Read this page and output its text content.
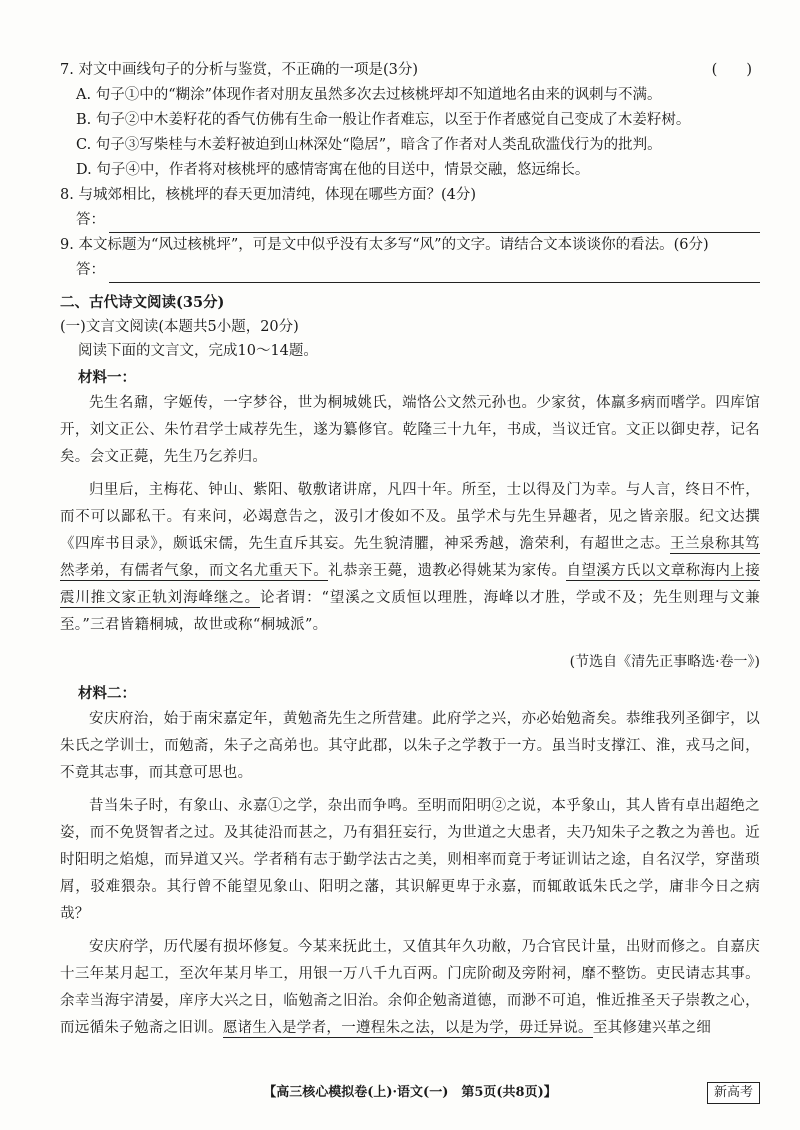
7. 对文中画线句子的分析与鉴赏，不正确的一项是(3分)	(　　)
A. 句子①中的“糊涂”体现作者对朋友虽然多次去过核桃坪却不知道地名由来的讽刺与不满。
B. 句子②中木姜籽花的香气仿佛有生命一般让作者难忘，以至于作者感觉自己变成了木姜籽树。
C. 句子③写柴桂与木姜籽被迫到山林深处“隐居”，暗含了作者对人类乱砍滥伐行为的批判。
D. 句子④中，作者将对核桃坪的感情寄寓在他的目送中，情景交融，悠远绵长。
8. 与城郊相比，核桃坪的春天更加清纯，体现在哪些方面？(4分)
答：
9. 本文标题为“风过核桃坪”，可是文中似乎没有太多写“风”的文字。请结合文本谈谈你的看法。(6分)
答：
二、古代诗文阅读(35分)
(一)文言文阅读(本题共5小题，20分)
阅读下面的文言文，完成10～14题。
材料一：

先生名鼐，字姬传，一字梦谷，世为桐城姚氏，端恪公文然元孙也。少家贫，体羸多病而嗜学。四库馆开，刘文正公、朱竹君学士咸荐先生，遂为纂修官。乾隆三十九年，书成，当议迁官。文正以御史荐，记名矣。会文正薨，先生乃乞养归。

归里后，主梅花、钟山、紫阳、敬敷诸讲席，凡四十年。所至，士以得及门为幸。与人言，终日不忤，而不可以鄙私干。有来问，必竭意告之，汲引才俊如不及。虽学术与先生异趣者，见之皆亲服。纪文达撰《四库书目录》，颇诋宋儒，先生直斥其妄。先生貌清臞，神采秀越，澹荣利，有超世之志。王兰泉称其笃然孝弟，有儒者气象，而文名尤重天下。礼恭亲王薨，遗教必得姚某为家传。自望溪方氏以文章称海内上接震川推文家正轨刘海峰继之。论者谓：“望溪之文质恒以理胜，海峰以才胜，学或不及；先生则理与文兼至。”三君皆籍桐城，故世或称“桐城派”。

(节选自《清先正事略选·卷一》)
材料二：

安庆府治，始于南宋嘉定年，黄勉斋先生之所营建。此府学之兴，亦必始勉斋矣。恭维我列圣御宇，以朱氏之学训士，而勉斋，朱子之高弟也。其守此郡，以朱子之学教于一方。虽当时支撑江、淮，戎马之间，不竟其志事，而其意可思也。

昔当朱子时，有象山、永嘉①之学，杂出而争鸣。至明而阳明②之说，本乎象山，其人皆有卓出超绝之姿，而不免贤智者之过。及其徒沿而甚之，乃有猖狂妄行，为世道之大患者，夫乃知朱子之教之为善也。近时阳明之焰熄，而异道又兴。学者稍有志于勤学法古之美，则相率而竟于考证训诂之途，自名汉学，穿凿琐屑，驳难猥杂。其行曾不能望见象山、阳明之藩，其识解更卑于永嘉，而辄敢诋朱氏之学，庸非今日之病哉？

安庆府学，历代屡有损坏修复。今某来抚此土，又值其年久功敝，乃合官民计量，出财而修之。自嘉庆十三年某月起工，至次年某月毕工，用银一万八千九百两。门庑阶砌及旁附祠，靡不整饬。吏民请志其事。余幸当海宇清晏，庠序大兴之日，临勉斋之旧治。余仰企勉斋道德，而渺不可追，惟近推圣天子崇教之心，而远循朱子勉斋之旧训。愿诸生入是学者，一遵程朱之法，以是为学，毋迁异说。至其修建兴革之细

【高三核心模拟卷(上)·语文(一)　第5页(共8页)】	新高考
